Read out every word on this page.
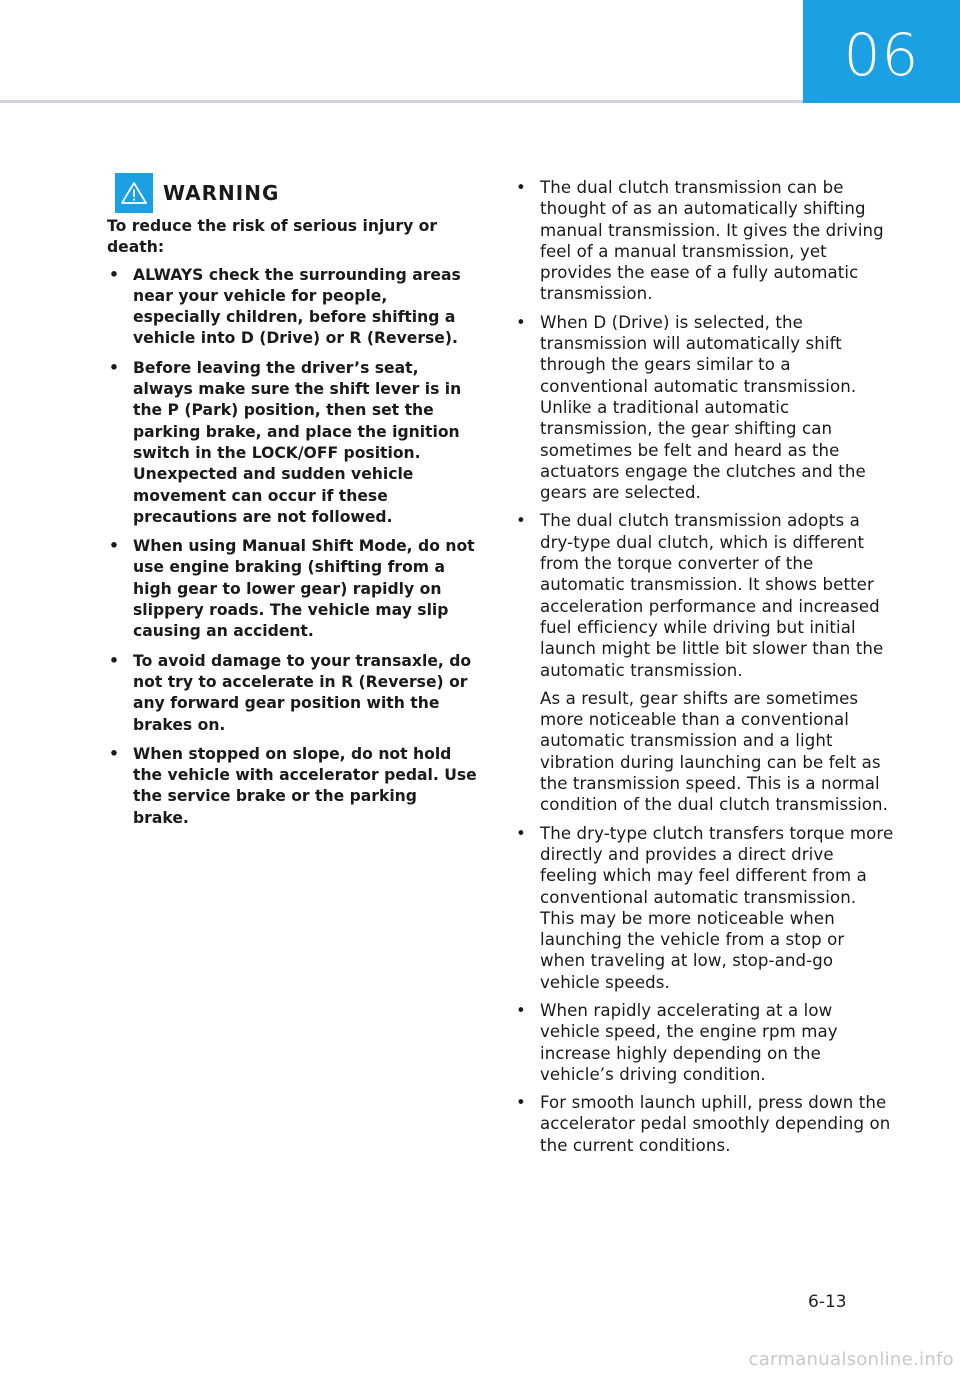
06
WARNING
To reduce the risk of serious injury or death:
• ALWAYS check the surrounding areas near your vehicle for people, especially children, before shifting a vehicle into D (Drive) or R (Reverse).
• Before leaving the driver’s seat, always make sure the shift lever is in the P (Park) position, then set the parking brake, and place the ignition switch in the LOCK/OFF position. Unexpected and sudden vehicle movement can occur if these precautions are not followed.
• When using Manual Shift Mode, do not use engine braking (shifting from a high gear to lower gear) rapidly on slippery roads. The vehicle may slip causing an accident.
• To avoid damage to your transaxle, do not try to accelerate in R (Reverse) or any forward gear position with the brakes on.
• When stopped on slope, do not hold the vehicle with accelerator pedal. Use the service brake or the parking brake.
• The dual clutch transmission can be thought of as an automatically shifting manual transmission. It gives the driving feel of a manual transmission, yet provides the ease of a fully automatic transmission.
• When D (Drive) is selected, the transmission will automatically shift through the gears similar to a conventional automatic transmission. Unlike a traditional automatic transmission, the gear shifting can sometimes be felt and heard as the actuators engage the clutches and the gears are selected.
• The dual clutch transmission adopts a dry-type dual clutch, which is different from the torque converter of the automatic transmission. It shows better acceleration performance and increased fuel efficiency while driving but initial launch might be little bit slower than the automatic transmission.

As a result, gear shifts are sometimes more noticeable than a conventional automatic transmission and a light vibration during launching can be felt as the transmission speed. This is a normal condition of the dual clutch transmission.

• The dry-type clutch transfers torque more directly and provides a direct drive feeling which may feel different from a conventional automatic transmission. This may be more noticeable when launching the vehicle from a stop or when traveling at low, stop-and-go vehicle speeds.
• When rapidly accelerating at a low vehicle speed, the engine rpm may increase highly depending on the vehicle’s driving condition.
• For smooth launch uphill, press down the accelerator pedal smoothly depending on the current conditions.
6-13
carmanualsonline.info
